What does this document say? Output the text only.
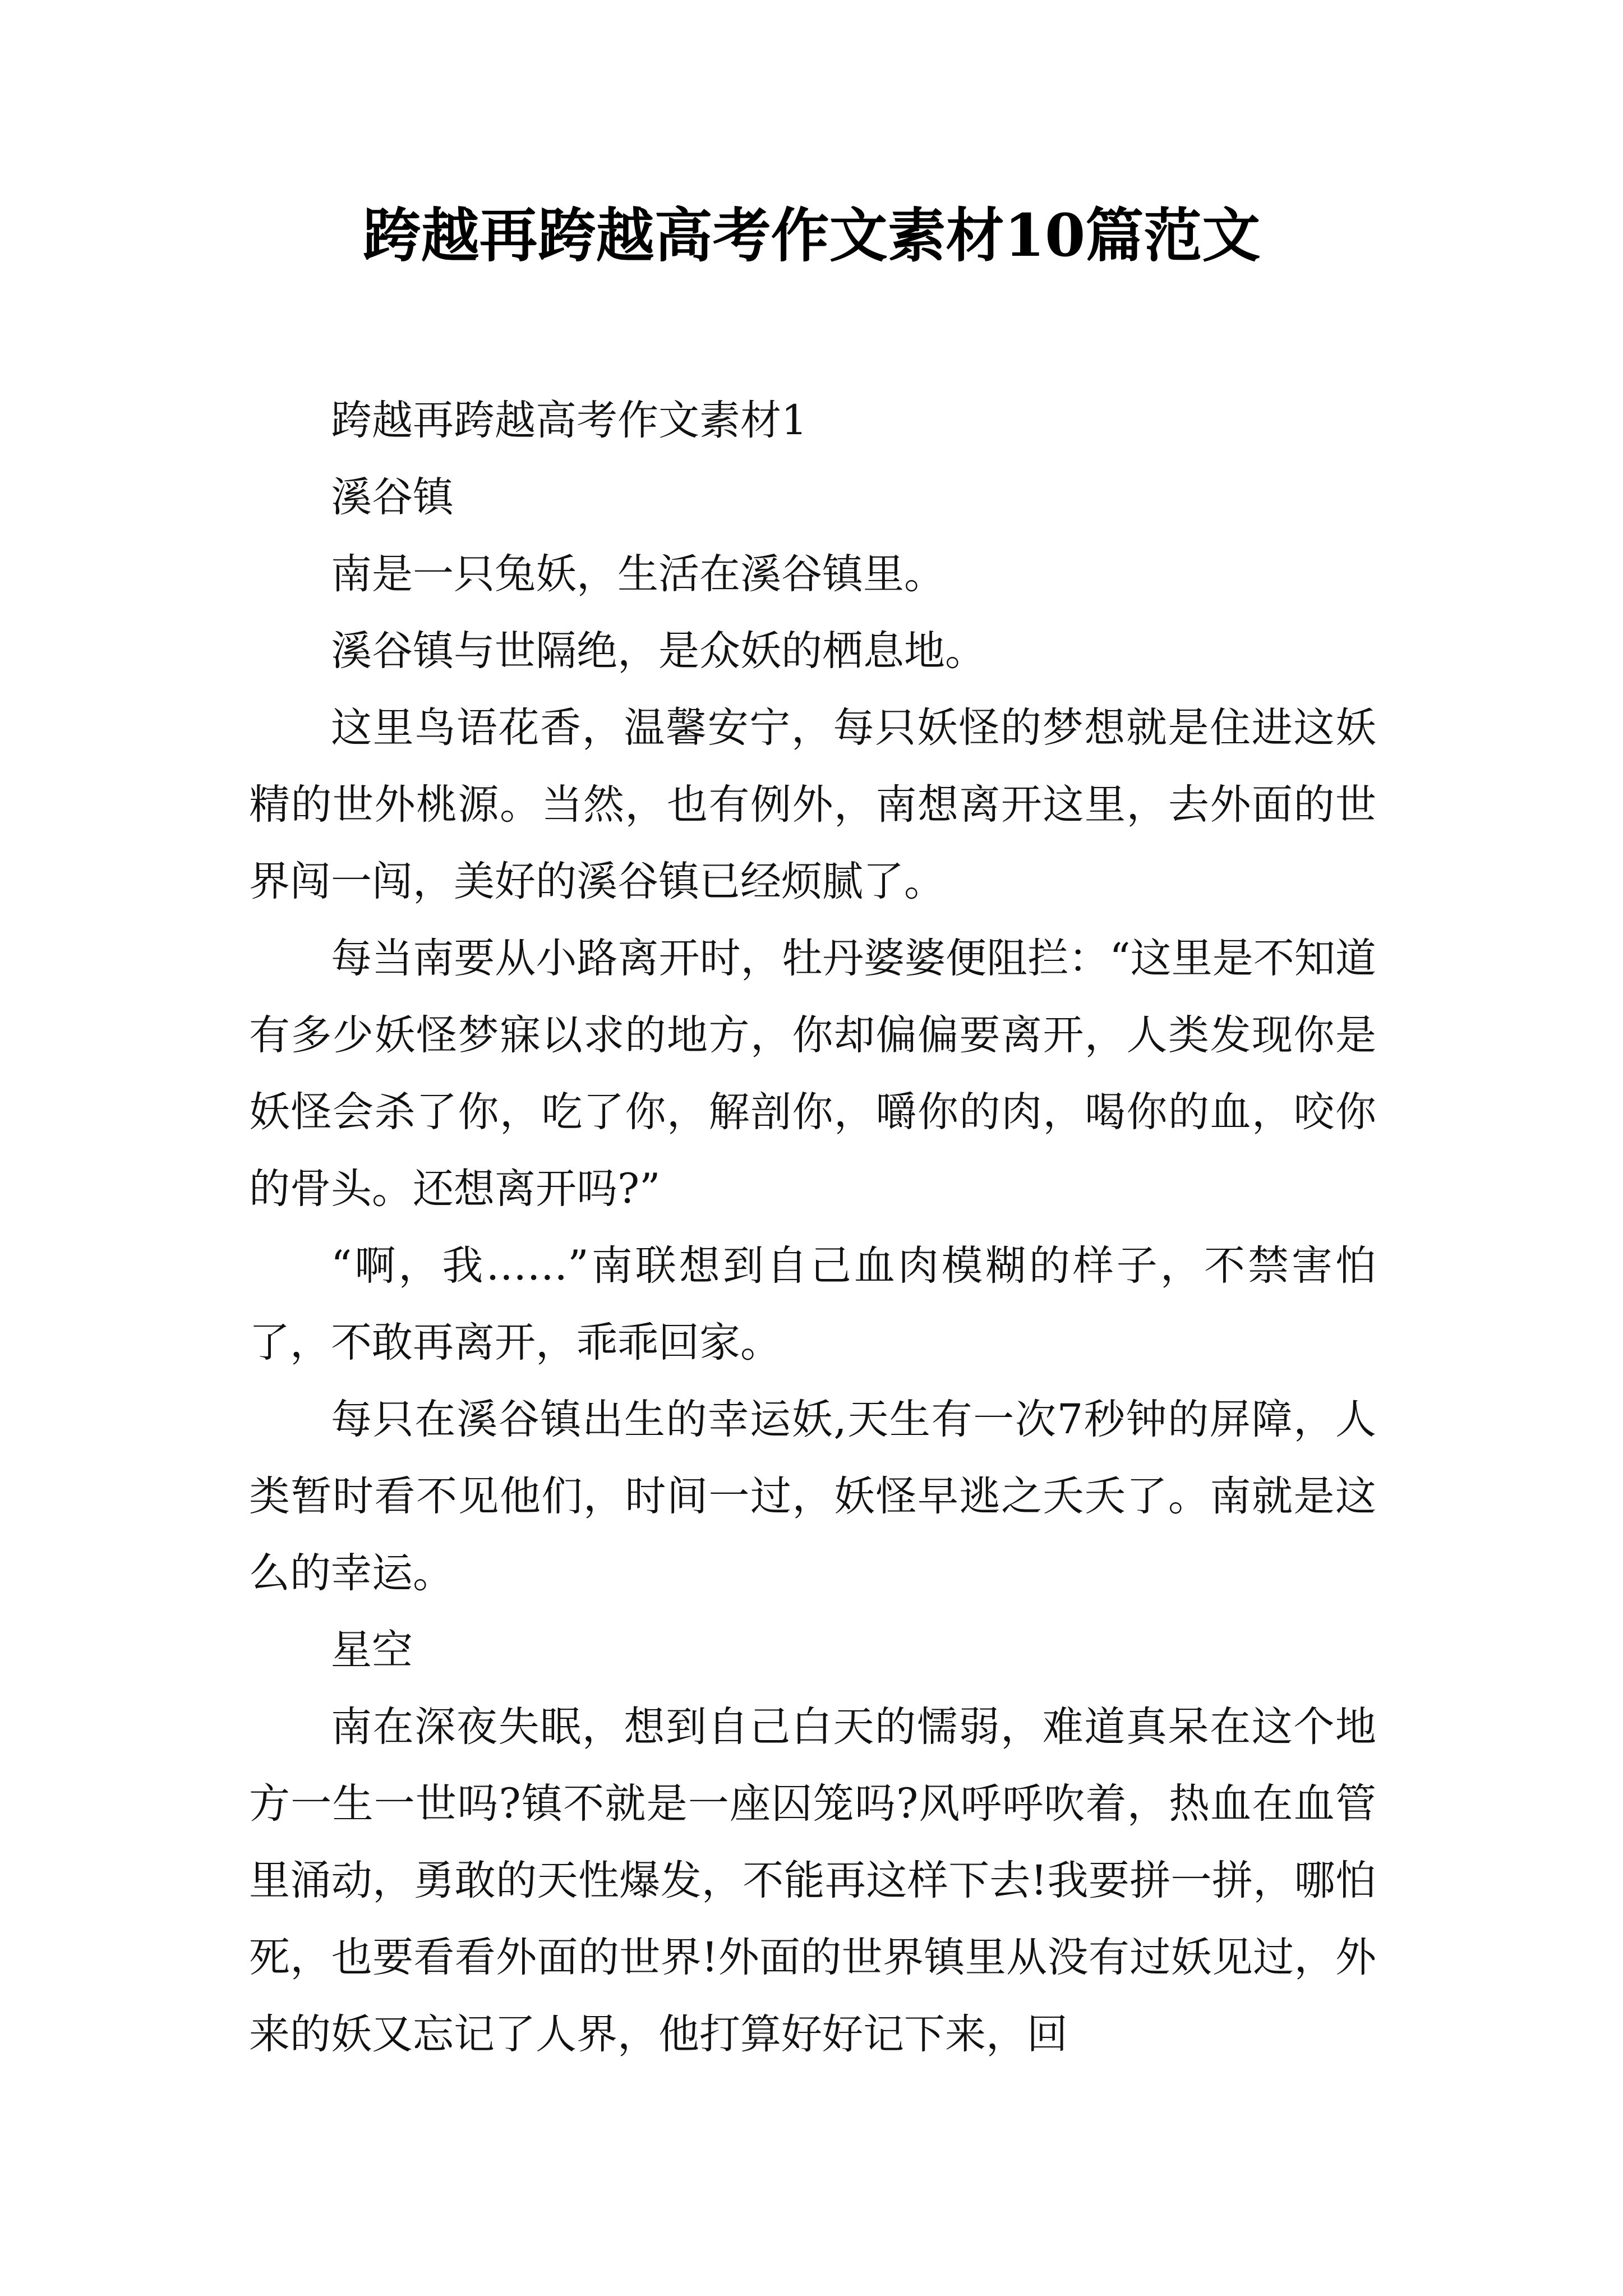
跨越再跨越高考作文素材10篇范文

跨越再跨越高考作文素材1

溪谷镇

南是一只兔妖，生活在溪谷镇里。

溪谷镇与世隔绝，是众妖的栖息地。

这里鸟语花香，温馨安宁，每只妖怪的梦想就是住进这妖精的世外桃源。当然，也有例外，南想离开这里，去外面的世界闯一闯，美好的溪谷镇已经烦腻了。

每当南要从小路离开时，牡丹婆婆便阻拦：“这里是不知道有多少妖怪梦寐以求的地方，你却偏偏要离开，人类发现你是妖怪会杀了你，吃了你，解剖你，嚼你的肉，喝你的血，咬你的骨头。还想离开吗?”

“啊，我……”南联想到自己血肉模糊的样子，不禁害怕了，不敢再离开，乖乖回家。

每只在溪谷镇出生的幸运妖,天生有一次7秒钟的屏障，人类暂时看不见他们，时间一过，妖怪早逃之夭夭了。南就是这么的幸运。

星空

南在深夜失眠，想到自己白天的懦弱，难道真呆在这个地方一生一世吗?镇不就是一座囚笼吗?风呼呼吹着，热血在血管里涌动，勇敢的天性爆发，不能再这样下去!我要拼一拼，哪怕死，也要看看外面的世界!外面的世界镇里从没有过妖见过，外来的妖又忘记了人界，他打算好好记下来，回
